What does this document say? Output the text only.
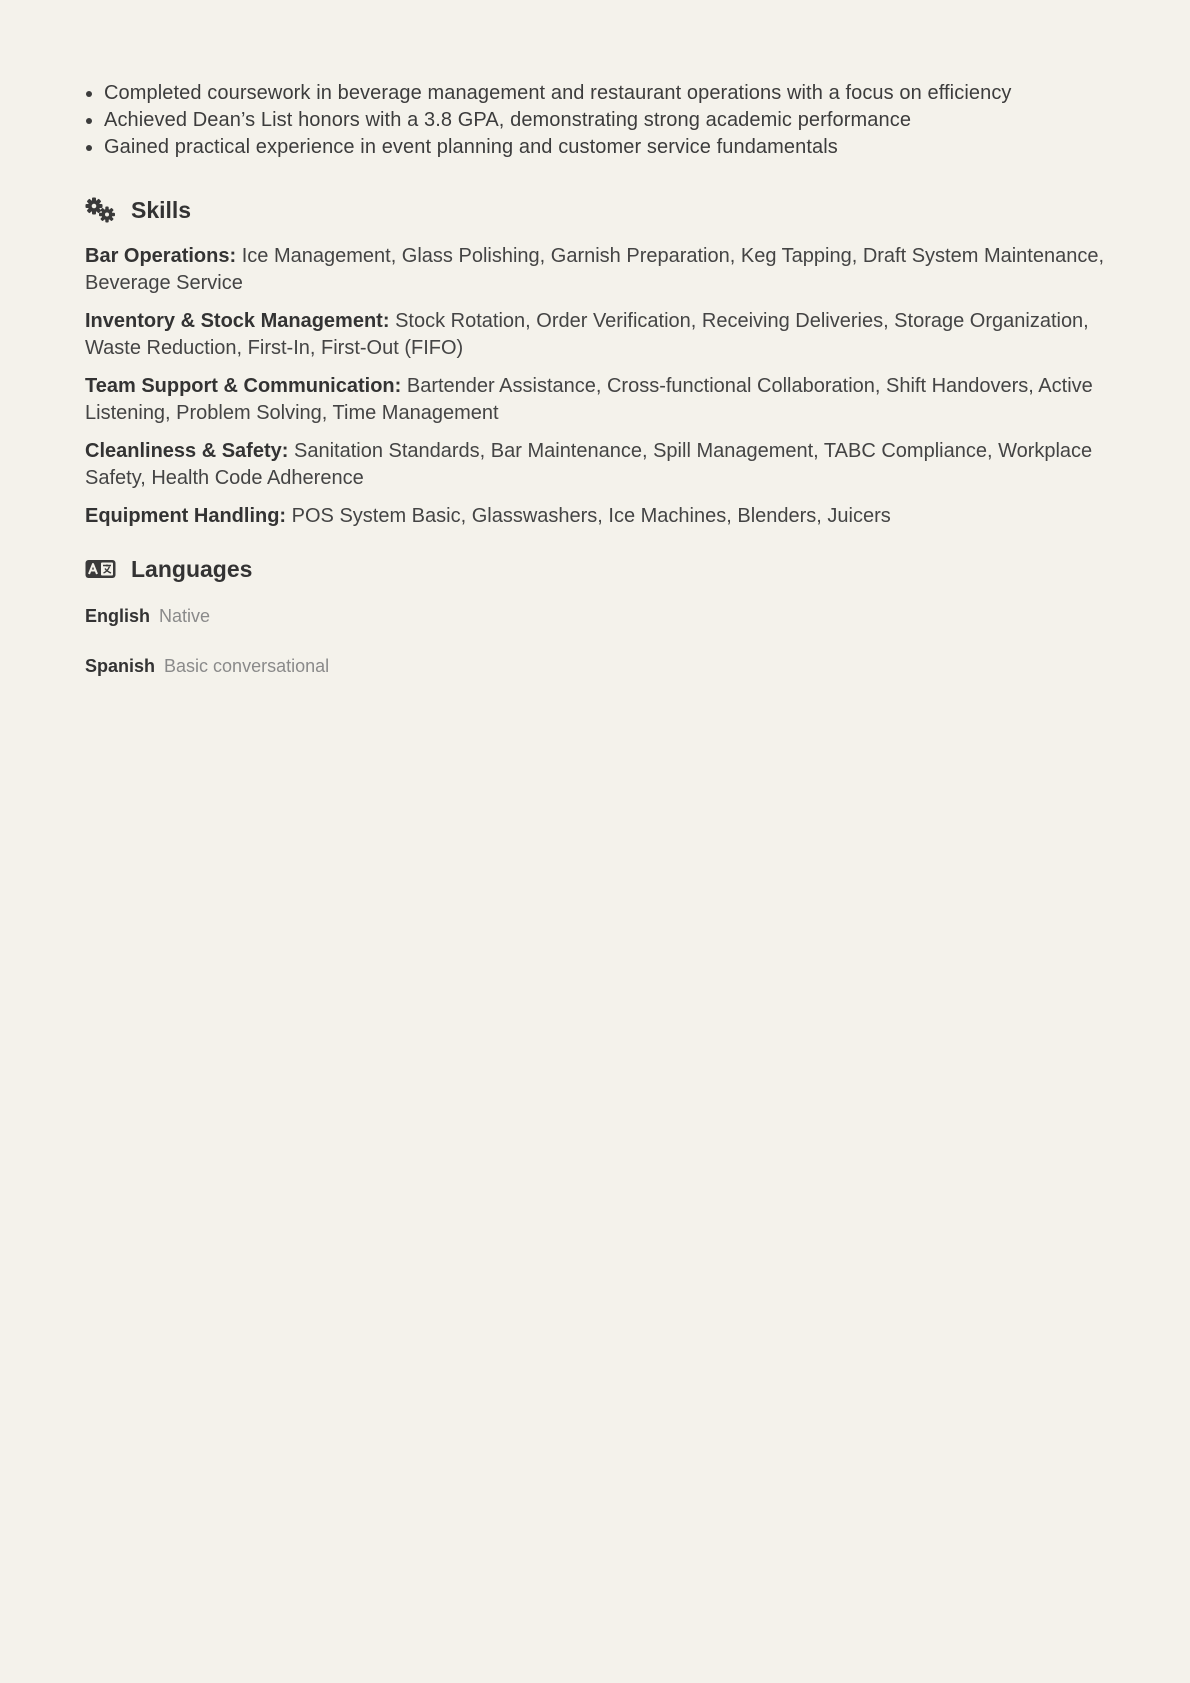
• Completed coursework in beverage management and restaurant operations with a focus on efficiency
• Achieved Dean’s List honors with a 3.8 GPA, demonstrating strong academic performance
• Gained practical experience in event planning and customer service fundamentals
Skills
Bar Operations: Ice Management, Glass Polishing, Garnish Preparation, Keg Tapping, Draft System Maintenance, Beverage Service
Inventory & Stock Management: Stock Rotation, Order Verification, Receiving Deliveries, Storage Organization, Waste Reduction, First-In, First-Out (FIFO)
Team Support & Communication: Bartender Assistance, Cross-functional Collaboration, Shift Handovers, Active Listening, Problem Solving, Time Management
Cleanliness & Safety: Sanitation Standards, Bar Maintenance, Spill Management, TABC Compliance, Workplace Safety, Health Code Adherence
Equipment Handling: POS System Basic, Glasswashers, Ice Machines, Blenders, Juicers
Languages
English Native
Spanish Basic conversational
